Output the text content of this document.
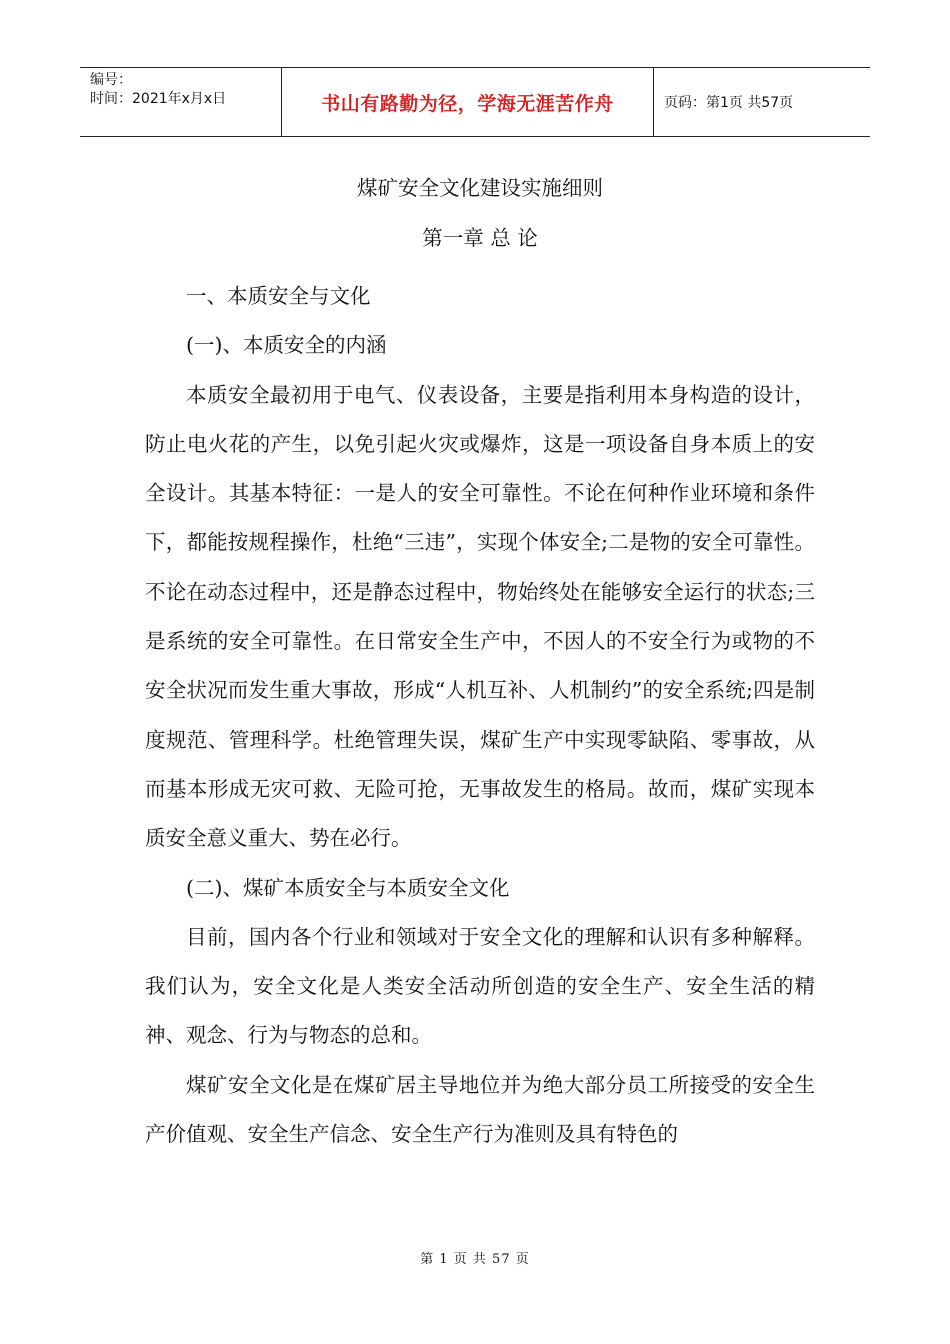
编号：
时间：2021年x月x日	书山有路勤为径，学海无涯苦作舟	页码：第1页 共57页
煤矿安全文化建设实施细则
第一章 总 论

一、本质安全与文化

(一)、本质安全的内涵

本质安全最初用于电气、仪表设备，主要是指利用本身构造的设计，防止电火花的产生，以免引起火灾或爆炸，这是一项设备自身本质上的安全设计。其基本特征：一是人的安全可靠性。不论在何种作业环境和条件下，都能按规程操作，杜绝“三违”，实现个体安全;二是物的安全可靠性。不论在动态过程中，还是静态过程中，物始终处在能够安全运行的状态;三是系统的安全可靠性。在日常安全生产中，不因人的不安全行为或物的不安全状况而发生重大事故，形成“人机互补、人机制约”的安全系统;四是制度规范、管理科学。杜绝管理失误，煤矿生产中实现零缺陷、零事故，从而基本形成无灾可救、无险可抢，无事故发生的格局。故而，煤矿实现本质安全意义重大、势在必行。

(二)、煤矿本质安全与本质安全文化

目前，国内各个行业和领域对于安全文化的理解和认识有多种解释。我们认为，安全文化是人类安全活动所创造的安全生产、安全生活的精神、观念、行为与物态的总和。

煤矿安全文化是在煤矿居主导地位并为绝大部分员工所接受的安全生产价值观、安全生产信念、安全生产行为准则及具有特色的

第 1 页 共 57 页
